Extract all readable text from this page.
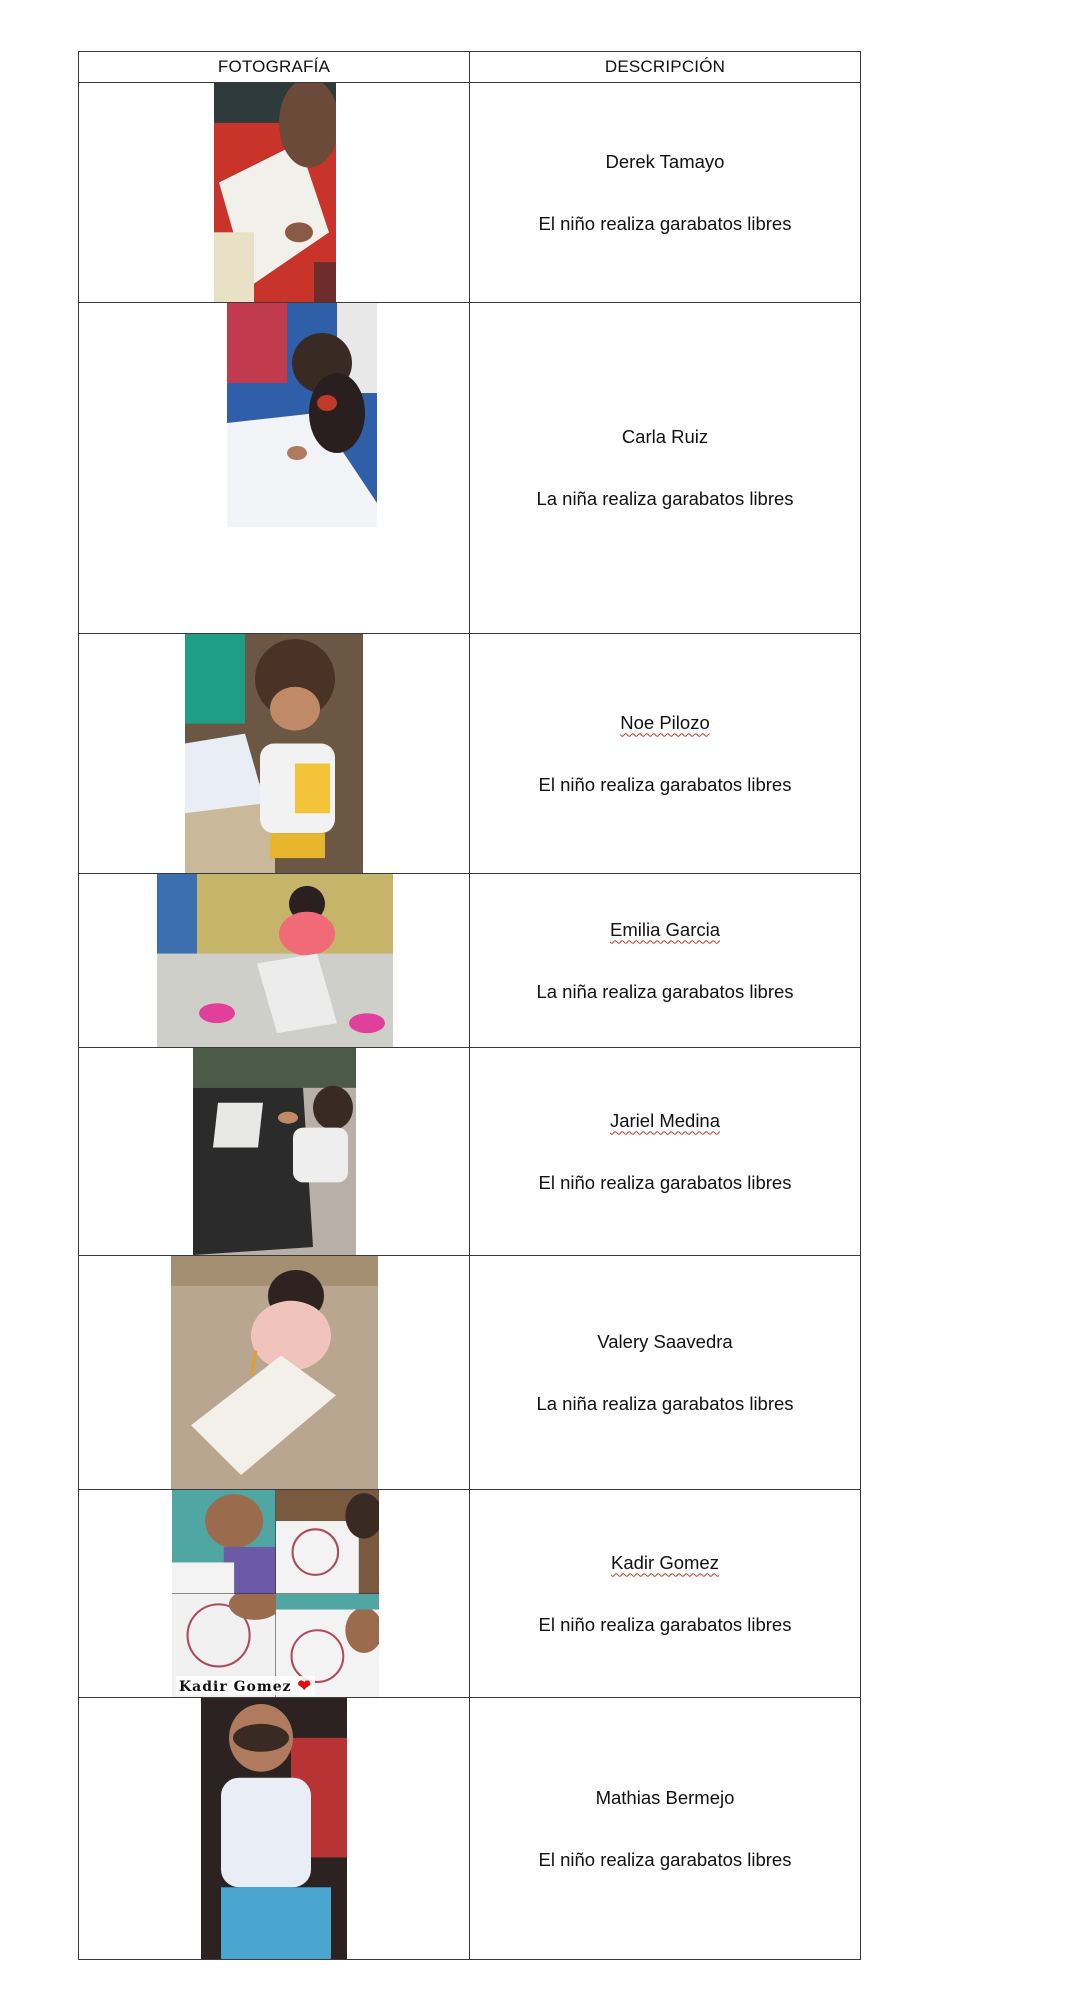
FOTOGRAFÍA	DESCRIPCIÓN

Derek Tamayo
El niño realiza garabatos libres

Carla Ruiz
La niña realiza garabatos libres

Noe Pilozo
El niño realiza garabatos libres

Emilia Garcia
La niña realiza garabatos libres

Jariel Medina
El niño realiza garabatos libres

Valery Saavedra
La niña realiza garabatos libres

Kadir Gomez ❤	Kadir Gomez
El niño realiza garabatos libres

Mathias Bermejo
El niño realiza garabatos libres
